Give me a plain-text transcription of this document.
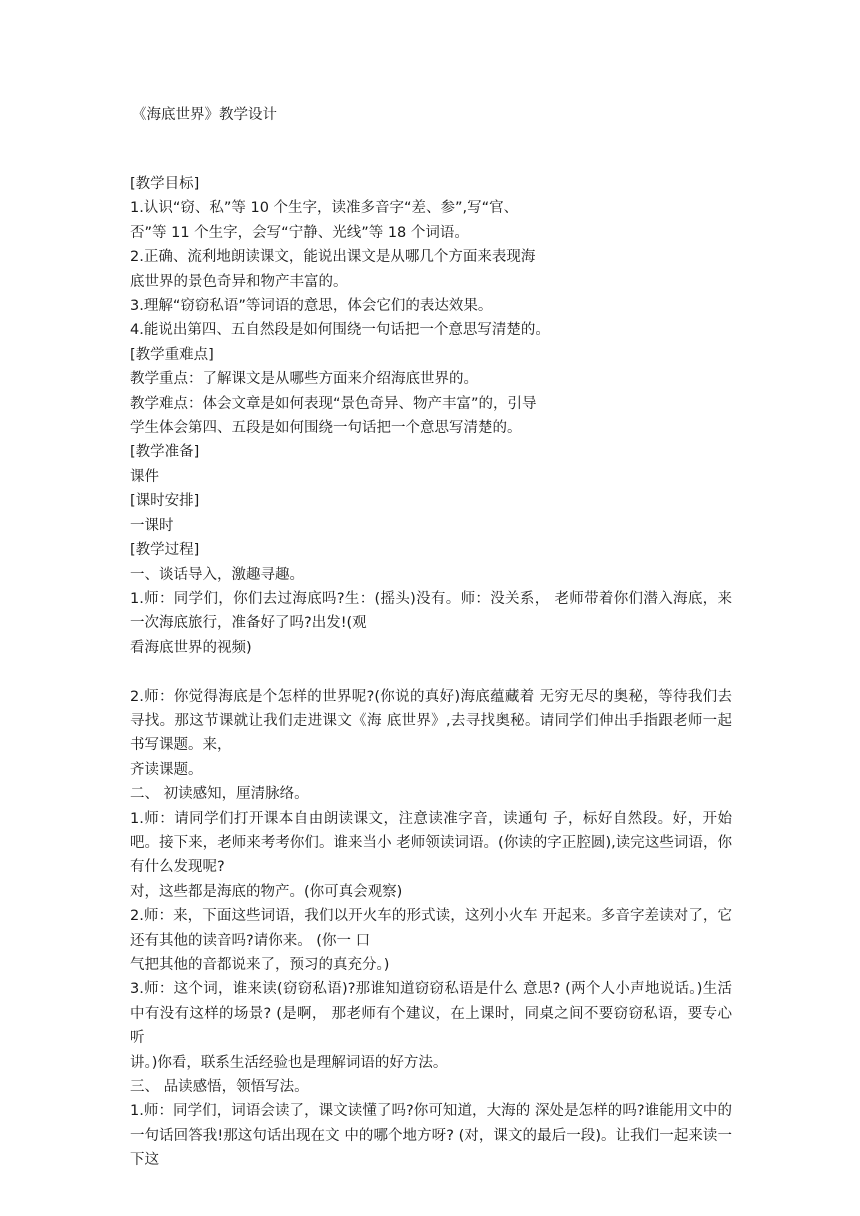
《海底世界》教学设计
[教学目标]
1.认识“窃、私”等 10 个生字，读准多音字“差、参”,写“官、
否”等 11 个生字，会写“宁静、光线”等 18 个词语。
2.正确、流利地朗读课文，能说出课文是从哪几个方面来表现海
底世界的景色奇异和物产丰富的。
3.理解“窃窃私语”等词语的意思，体会它们的表达效果。
4.能说出第四、五自然段是如何围绕一句话把一个意思写清楚的。
[教学重难点]
教学重点：了解课文是从哪些方面来介绍海底世界的。
教学难点：体会文章是如何表现“景色奇异、物产丰富”的，引导
学生体会第四、五段是如何围绕一句话把一个意思写清楚的。
[教学准备]
课件
[课时安排]
一课时
[教学过程]
一、谈话导入，激趣寻趣。
1.师：同学们，你们去过海底吗?生：(摇头)没有。师：没关系， 老师带着你们潜入海底，来一次海底旅行，准备好了吗?出发!(观
看海底世界的视频)
2.师：你觉得海底是个怎样的世界呢?(你说的真好)海底蕴藏着 无穷无尽的奥秘，等待我们去寻找。那这节课就让我们走进课文《海 底世界》,去寻找奥秘。请同学们伸出手指跟老师一起书写课题。来，
齐读课题。
二、 初读感知，厘清脉络。
1.师：请同学们打开课本自由朗读课文，注意读准字音，读通句 子，标好自然段。好，开始吧。接下来，老师来考考你们。谁来当小 老师领读词语。(你读的字正腔圆),读完这些词语，你有什么发现呢?
对，这些都是海底的物产。(你可真会观察)
2.师：来，下面这些词语，我们以开火车的形式读，这列小火车 开起来。多音字差读对了，它还有其他的读音吗?请你来。 (你一 口
气把其他的音都说来了，预习的真充分。)
3.师：这个词，谁来读(窃窃私语)?那谁知道窃窃私语是什么 意思? (两个人小声地说话。)生活中有没有这样的场景? (是啊， 那老师有个建议，在上课时，同桌之间不要窃窃私语，要专心听
讲。)你看，联系生活经验也是理解词语的好方法。
三、 品读感悟，领悟写法。
1.师：同学们，词语会读了，课文读懂了吗?你可知道，大海的 深处是怎样的吗?谁能用文中的一句话回答我!那这句话出现在文 中的哪个地方呀? (对，课文的最后一段)。让我们一起来读一下这
